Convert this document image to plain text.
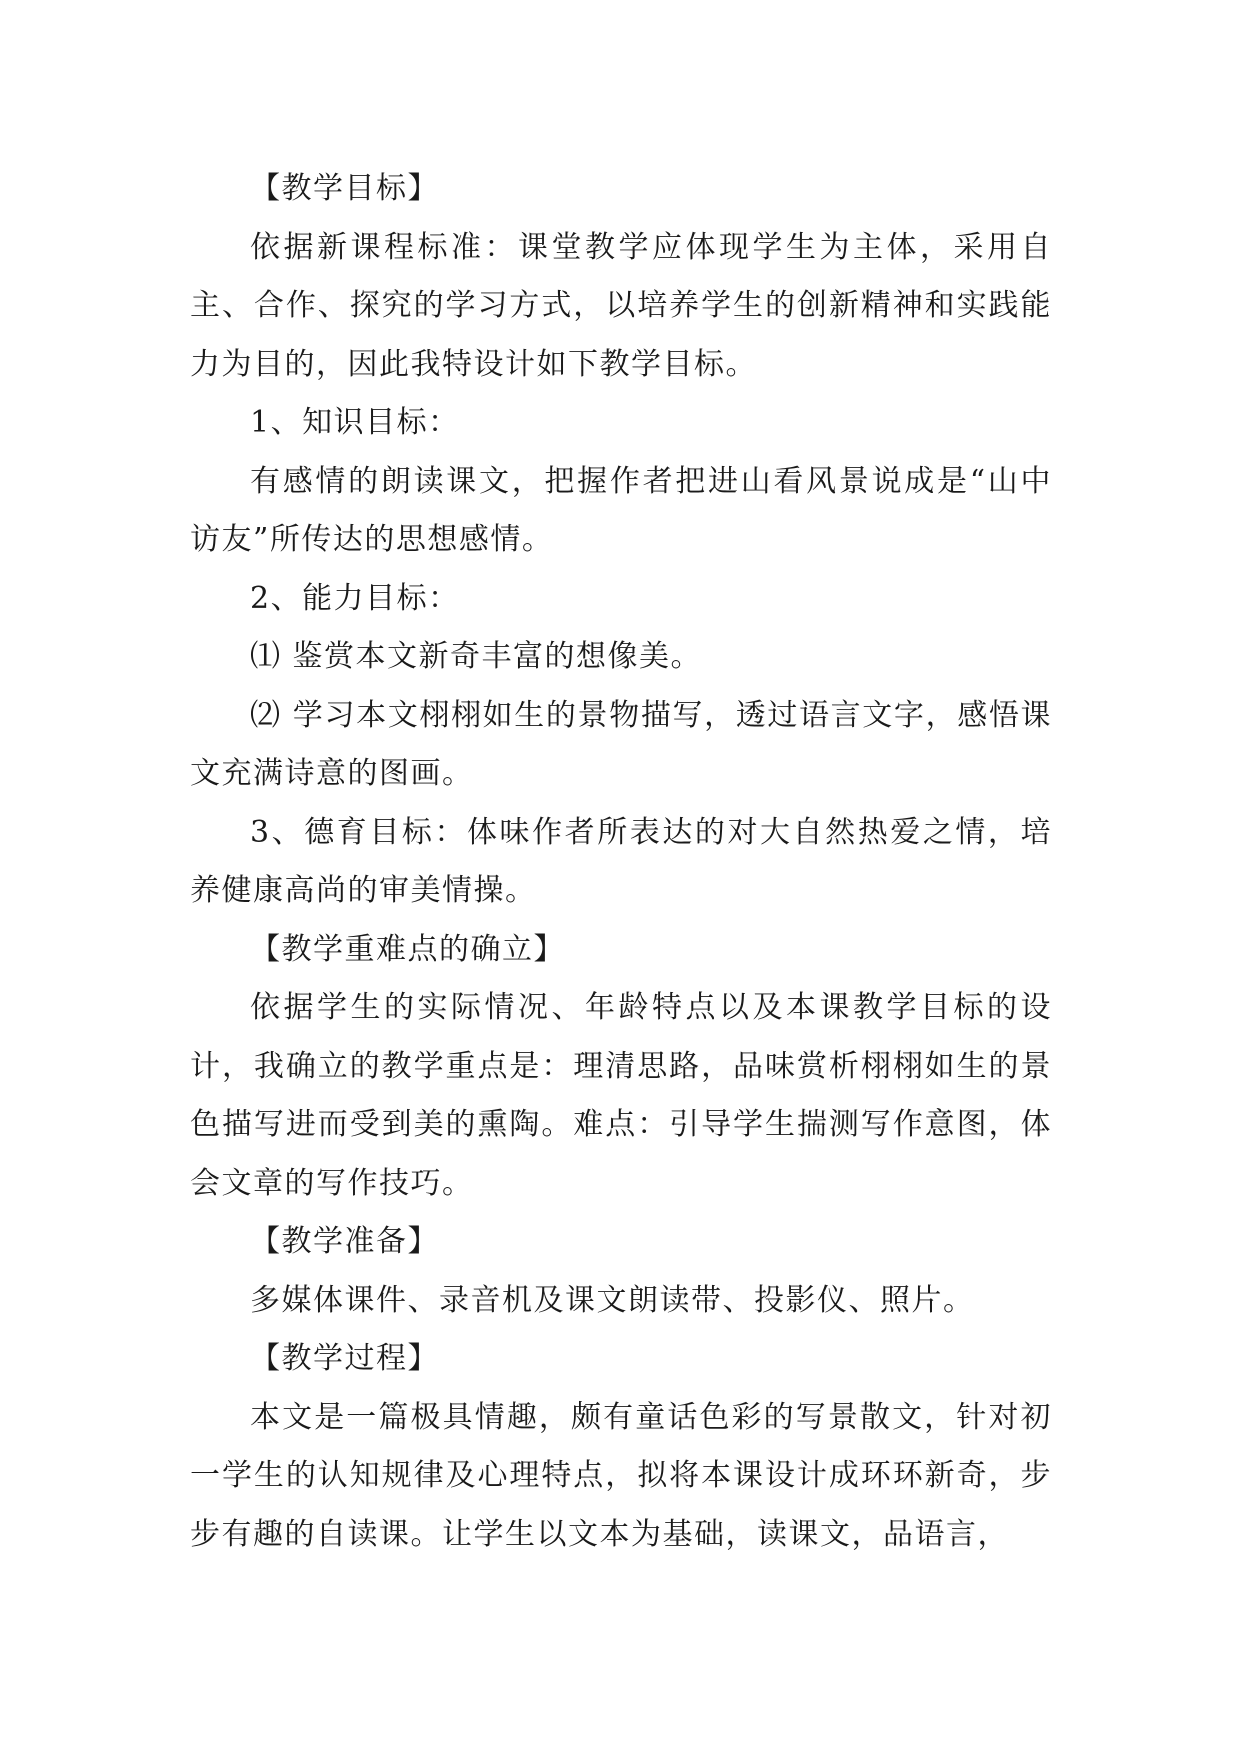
【教学目标】

依据新课程标准：课堂教学应体现学生为主体，采用自主、合作、探究的学习方式，以培养学生的创新精神和实践能力为目的，因此我特设计如下教学目标。

1、知识目标：

有感情的朗读课文，把握作者把进山看风景说成是“山中访友”所传达的思想感情。

2、能力目标：

⑴ 鉴赏本文新奇丰富的想像美。

⑵ 学习本文栩栩如生的景物描写，透过语言文字，感悟课文充满诗意的图画。

3、德育目标：体味作者所表达的对大自然热爱之情，培养健康高尚的审美情操。

【教学重难点的确立】

依据学生的实际情况、年龄特点以及本课教学目标的设计，我确立的教学重点是：理清思路，品味赏析栩栩如生的景色描写进而受到美的熏陶。难点：引导学生揣测写作意图，体会文章的写作技巧。

【教学准备】

多媒体课件、录音机及课文朗读带、投影仪、照片。

【教学过程】

本文是一篇极具情趣，颇有童话色彩的写景散文，针对初一学生的认知规律及心理特点，拟将本课设计成环环新奇，步步有趣的自读课。让学生以文本为基础，读课文，品语言，
